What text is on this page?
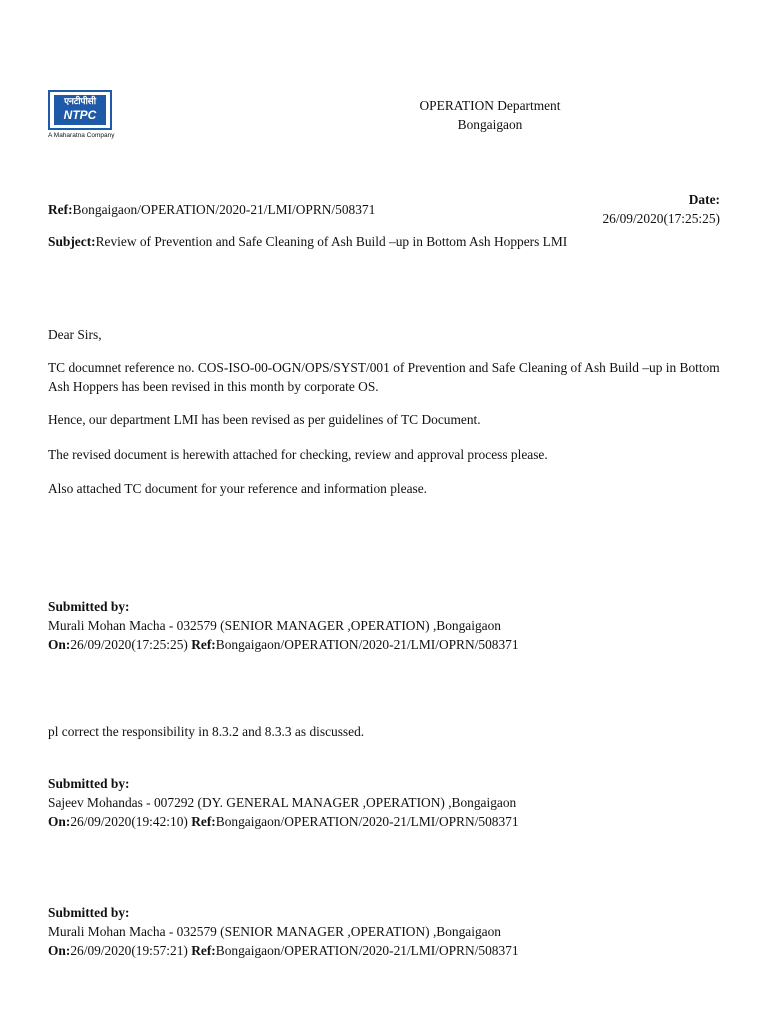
एनटीपीसी
NTPC
A Maharatna Company
OPERATION Department
Bongaigaon
Date:
26/09/2020(17:25:25)
Ref:Bongaigaon/OPERATION/2020-21/LMI/OPRN/508371
Subject:Review of Prevention and Safe Cleaning of Ash Build –up in Bottom Ash Hoppers LMI
Dear Sirs,
TC documnet reference no. COS-ISO-00-OGN/OPS/SYST/001 of Prevention and Safe Cleaning of Ash Build –up in Bottom Ash Hoppers has been revised in this month by corporate OS.
Hence, our department LMI has been revised as per guidelines of TC Document.
The revised document is herewith attached for checking, review and approval process please.
Also attached TC document for your reference and information please.
Submitted by:
Murali Mohan Macha - 032579 (SENIOR MANAGER ,OPERATION) ,Bongaigaon
On:26/09/2020(17:25:25) Ref:Bongaigaon/OPERATION/2020-21/LMI/OPRN/508371
pl correct the responsibility in 8.3.2 and 8.3.3 as discussed.
Submitted by:
Sajeev Mohandas - 007292 (DY. GENERAL MANAGER ,OPERATION) ,Bongaigaon
On:26/09/2020(19:42:10) Ref:Bongaigaon/OPERATION/2020-21/LMI/OPRN/508371
Submitted by:
Murali Mohan Macha - 032579 (SENIOR MANAGER ,OPERATION) ,Bongaigaon
On:26/09/2020(19:57:21) Ref:Bongaigaon/OPERATION/2020-21/LMI/OPRN/508371
